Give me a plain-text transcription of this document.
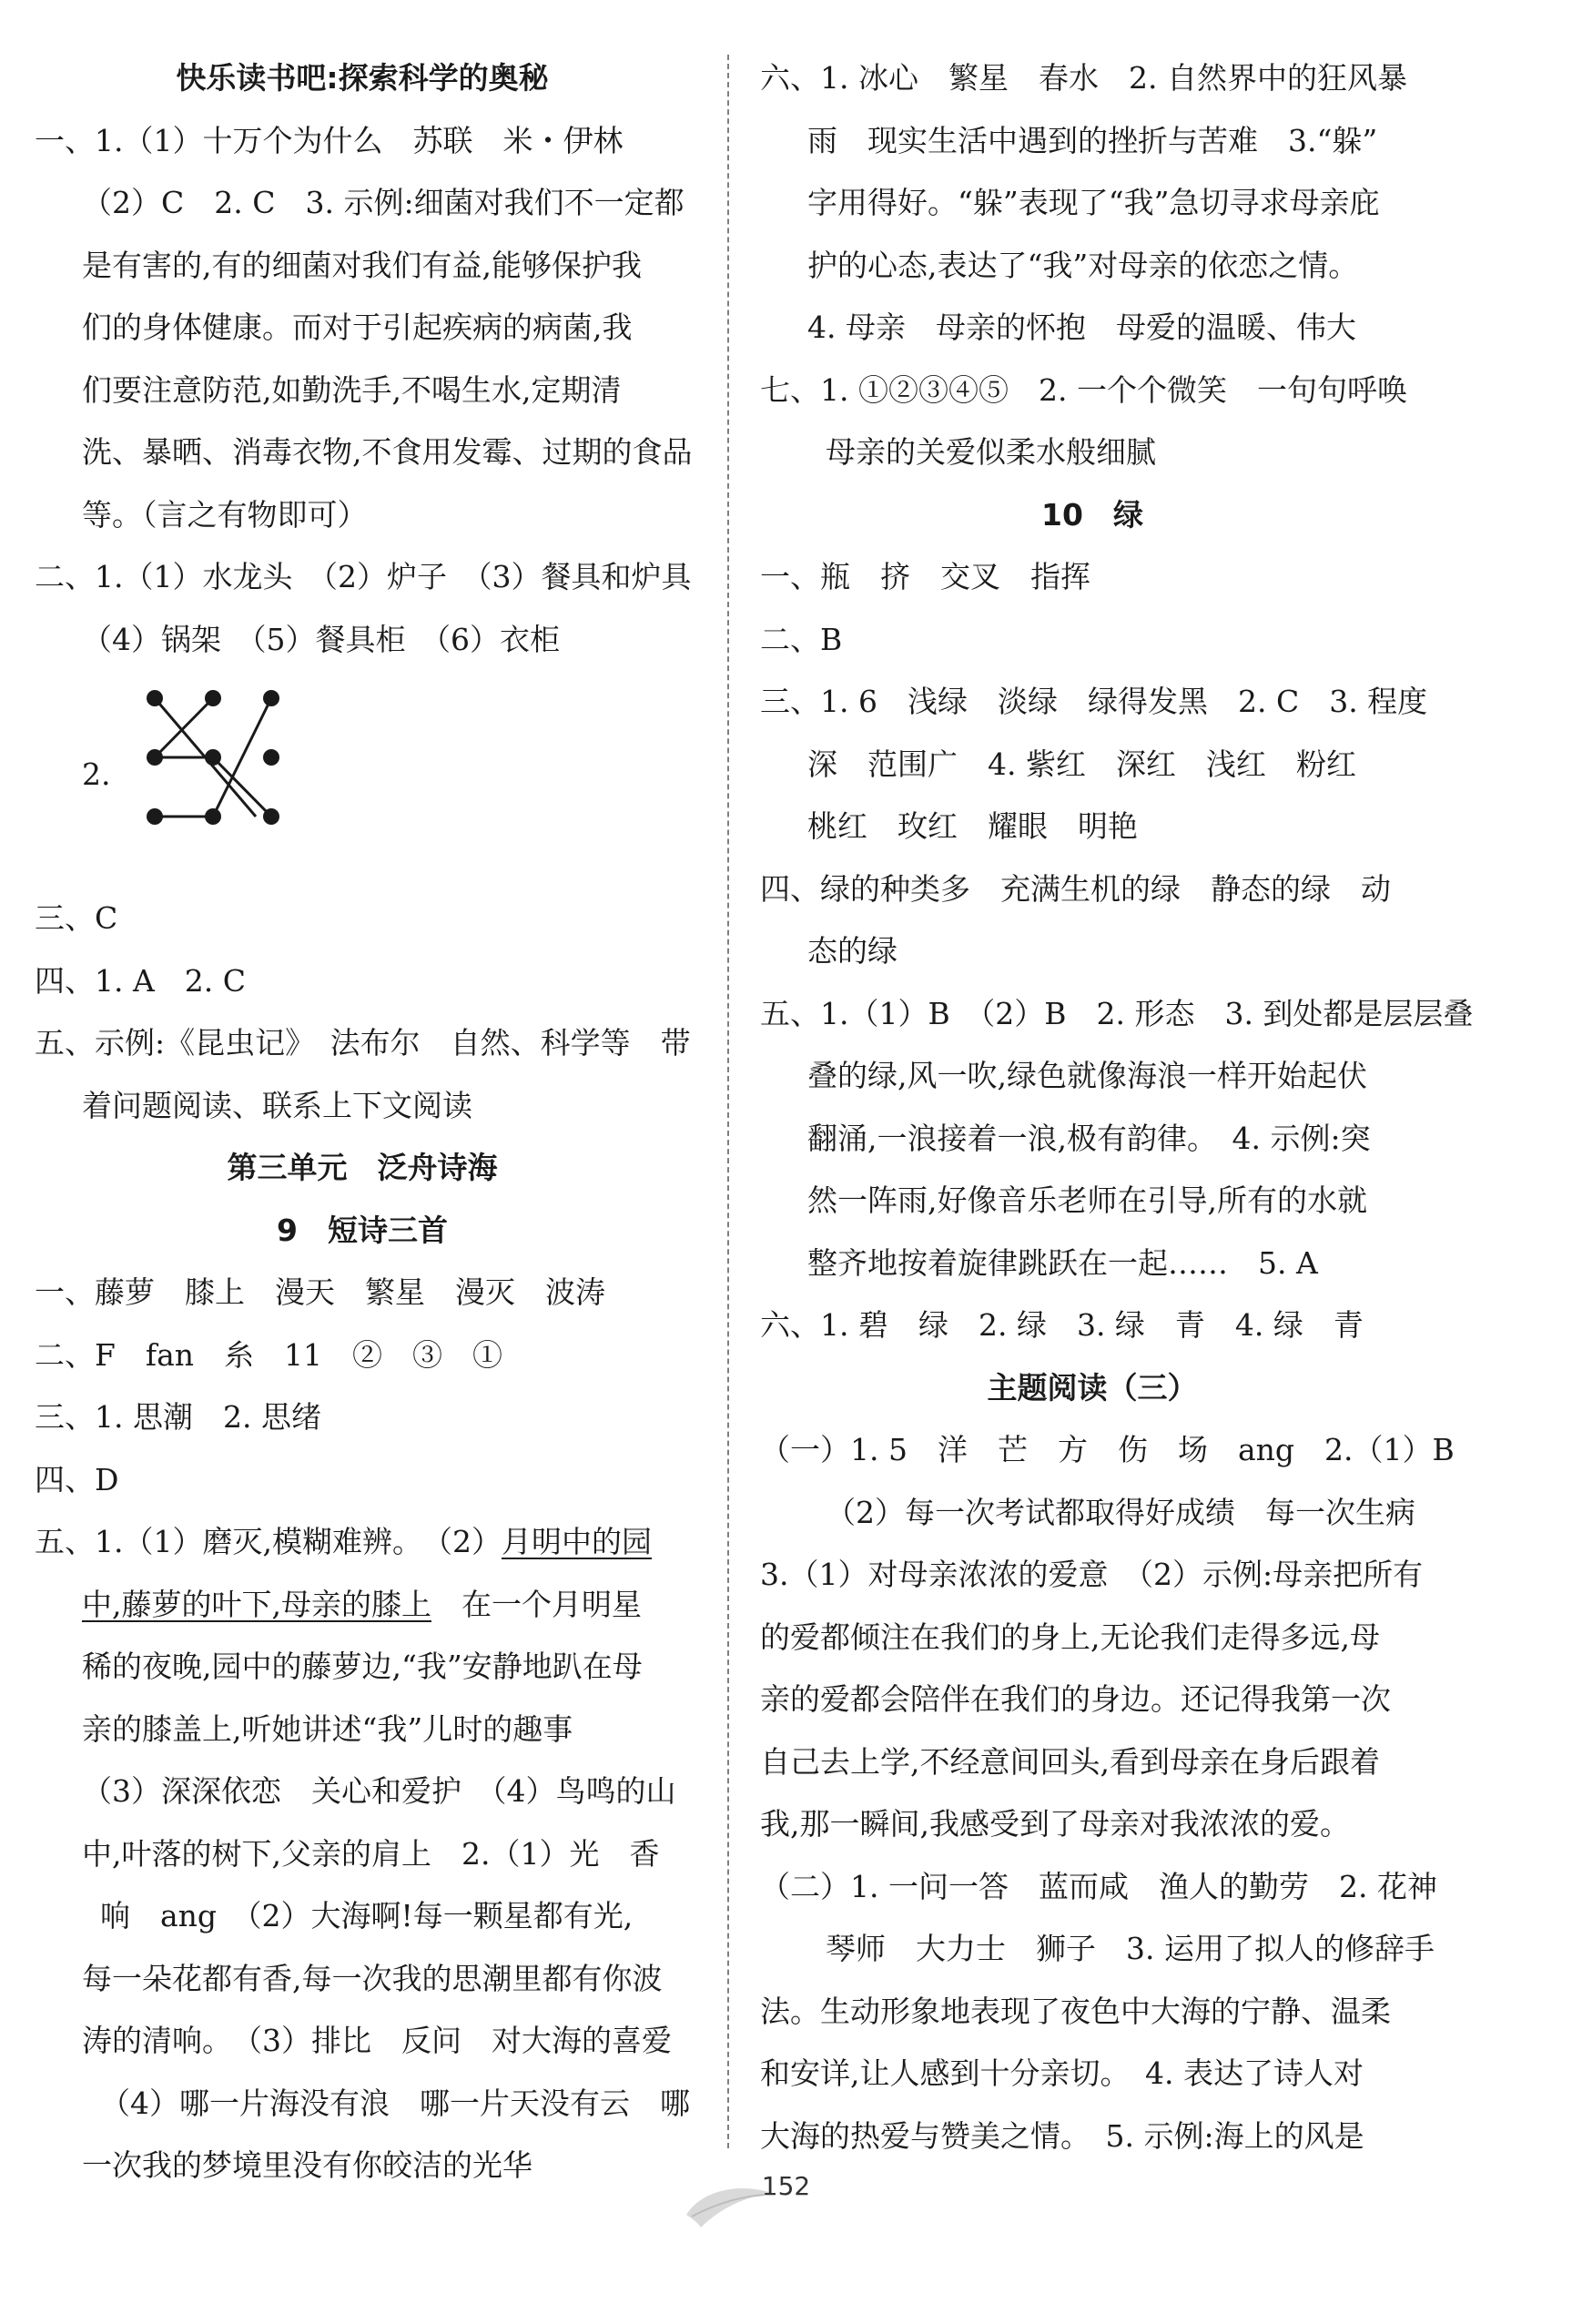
快乐读书吧:探索科学的奥秘
一、1.（1）十万个为什么　苏联　米・伊林
（2）C　2. C　3. 示例:细菌对我们不一定都
是有害的,有的细菌对我们有益,能够保护我
们的身体健康。而对于引起疾病的病菌,我
们要注意防范,如勤洗手,不喝生水,定期清
洗、暴晒、消毒衣物,不食用发霉、过期的食品
等。（言之有物即可）
二、1.（1）水龙头　（2）炉子　（3）餐具和炉具
（4）锅架　（5）餐具柜　（6）衣柜
2.
三、C
四、1. A　2. C
五、示例:《昆虫记》　法布尔　自然、科学等　带
着问题阅读、联系上下文阅读
第三单元　泛舟诗海
9　短诗三首
一、藤萝　膝上　漫天　繁星　漫灭　波涛
二、F　fan　糸　11　②　③　①
三、1. 思潮　2. 思绪
四、D
五、1.（1）磨灭,模糊难辨。　（2）月明中的园
中,藤萝的叶下,母亲的膝上　在一个月明星
稀的夜晚,园中的藤萝边,“我”安静地趴在母
亲的膝盖上,听她讲述“我”儿时的趣事
（3）深深依恋　关心和爱护　（4）鸟鸣的山
中,叶落的树下,父亲的肩上　2.（1）光　香
响　ang　（2）大海啊!每一颗星都有光,
每一朵花都有香,每一次我的思潮里都有你波
涛的清响。　（3）排比　反问　对大海的喜爱
（4）哪一片海没有浪　哪一片天没有云　哪
一次我的梦境里没有你皎洁的光华
六、1. 冰心　繁星　春水　2. 自然界中的狂风暴
雨　现实生活中遇到的挫折与苦难　3.“躲”
字用得好。“躲”表现了“我”急切寻求母亲庇
护的心态,表达了“我”对母亲的依恋之情。
4. 母亲　母亲的怀抱　母爱的温暖、伟大
七、1. ①②③④⑤　2. 一个个微笑　一句句呼唤
母亲的关爱似柔水般细腻
10　绿
一、瓶　挤　交叉　指挥
二、B
三、1. 6　浅绿　淡绿　绿得发黑　2. C　3. 程度
深　范围广　4. 紫红　深红　浅红　粉红
桃红　玫红　耀眼　明艳
四、绿的种类多　充满生机的绿　静态的绿　动
态的绿
五、1.（1）B　（2）B　2. 形态　3. 到处都是层层叠
叠的绿,风一吹,绿色就像海浪一样开始起伏
翻涌,一浪接着一浪,极有韵律。　4. 示例:突
然一阵雨,好像音乐老师在引导,所有的水就
整齐地按着旋律跳跃在一起……　5. A
六、1. 碧　绿　2. 绿　3. 绿　青　4. 绿　青
主题阅读（三）
（一）1. 5　洋　芒　方　伤　场　ang　2.（1）B
（2）每一次考试都取得好成绩　每一次生病
3.（1）对母亲浓浓的爱意　（2）示例:母亲把所有
的爱都倾注在我们的身上,无论我们走得多远,母
亲的爱都会陪伴在我们的身边。还记得我第一次
自己去上学,不经意间回头,看到母亲在身后跟着
我,那一瞬间,我感受到了母亲对我浓浓的爱。
（二）1. 一问一答　蓝而咸　渔人的勤劳　2. 花神
琴师　大力士　狮子　3. 运用了拟人的修辞手
法。生动形象地表现了夜色中大海的宁静、温柔
和安详,让人感到十分亲切。　4. 表达了诗人对
大海的热爱与赞美之情。　5. 示例:海上的风是
152
